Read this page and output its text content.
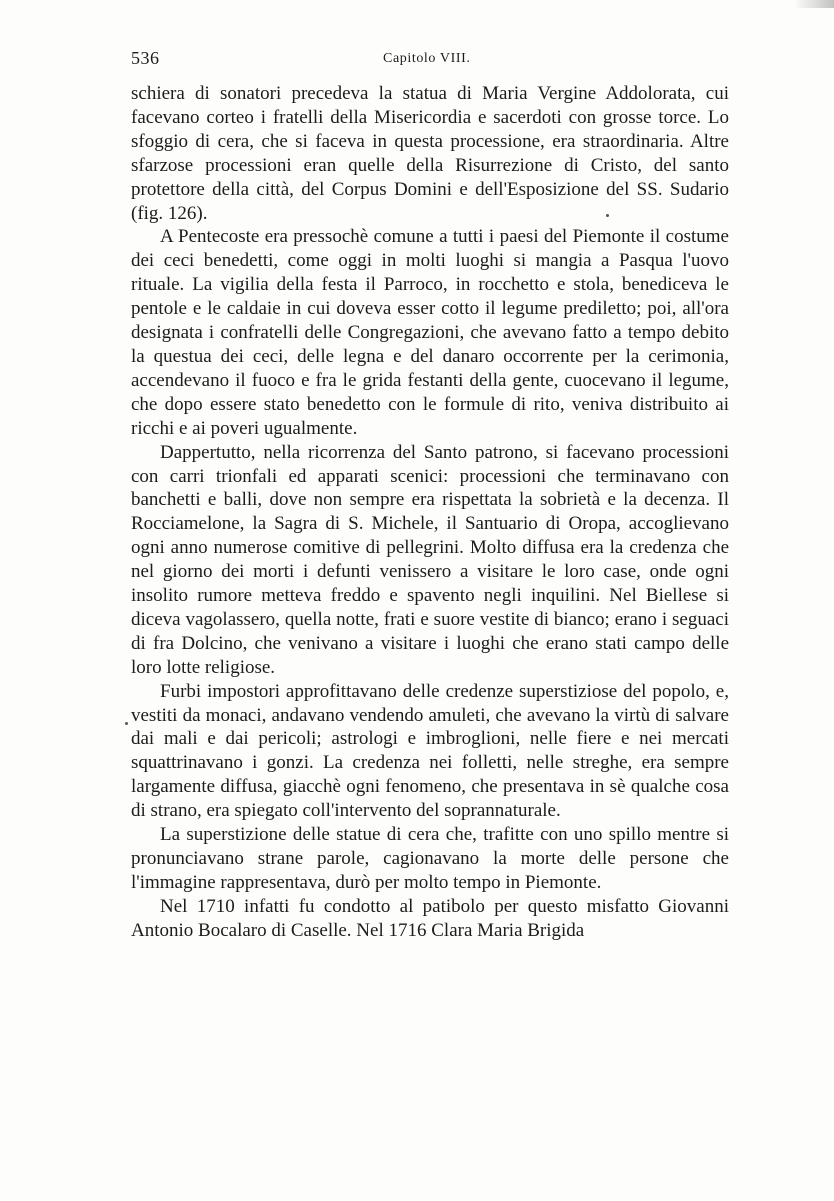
536	Capitolo VIII.

schiera di sonatori precedeva la statua di Maria Vergine Addolorata, cui facevano corteo i fratelli della Misericordia e sacerdoti con grosse torce. Lo sfoggio di cera, che si faceva in questa processione, era straordinaria. Altre sfarzose processioni eran quelle della Risurrezione di Cristo, del santo protettore della città, del Corpus Domini e dell'Esposizione del SS. Sudario (fig. 126).

A Pentecoste era pressochè comune a tutti i paesi del Piemonte il costume dei ceci benedetti, come oggi in molti luoghi si mangia a Pasqua l'uovo rituale. La vigilia della festa il Parroco, in rocchetto e stola, benediceva le pentole e le caldaie in cui doveva esser cotto il legume prediletto; poi, all'ora designata i confratelli delle Congregazioni, che avevano fatto a tempo debito la questua dei ceci, delle legna e del danaro occorrente per la cerimonia, accendevano il fuoco e fra le grida festanti della gente, cuocevano il legume, che dopo essere stato benedetto con le formule di rito, veniva distribuito ai ricchi e ai poveri ugualmente.

Dappertutto, nella ricorrenza del Santo patrono, si facevano processioni con carri trionfali ed apparati scenici: processioni che terminavano con banchetti e balli, dove non sempre era rispettata la sobrietà e la decenza. Il Rocciamelone, la Sagra di S. Michele, il Santuario di Oropa, accoglievano ogni anno numerose comitive di pellegrini. Molto diffusa era la credenza che nel giorno dei morti i defunti venissero a visitare le loro case, onde ogni insolito rumore metteva freddo e spavento negli inquilini. Nel Biellese si diceva vagolassero, quella notte, frati e suore vestite di bianco; erano i seguaci di fra Dolcino, che venivano a visitare i luoghi che erano stati campo delle loro lotte religiose.

Furbi impostori approfittavano delle credenze superstiziose del popolo, e, vestiti da monaci, andavano vendendo amuleti, che avevano la virtù di salvare dai mali e dai pericoli; astrologi e imbroglioni, nelle fiere e nei mercati squattrinavano i gonzi. La credenza nei folletti, nelle streghe, era sempre largamente diffusa, giacchè ogni fenomeno, che presentava in sè qualche cosa di strano, era spiegato coll'intervento del soprannaturale.

La superstizione delle statue di cera che, trafitte con uno spillo mentre si pronunciavano strane parole, cagionavano la morte delle persone che l'immagine rappresentava, durò per molto tempo in Piemonte.

Nel 1710 infatti fu condotto al patibolo per questo misfatto Giovanni Antonio Bocalaro di Caselle. Nel 1716 Clara Maria Brigida
